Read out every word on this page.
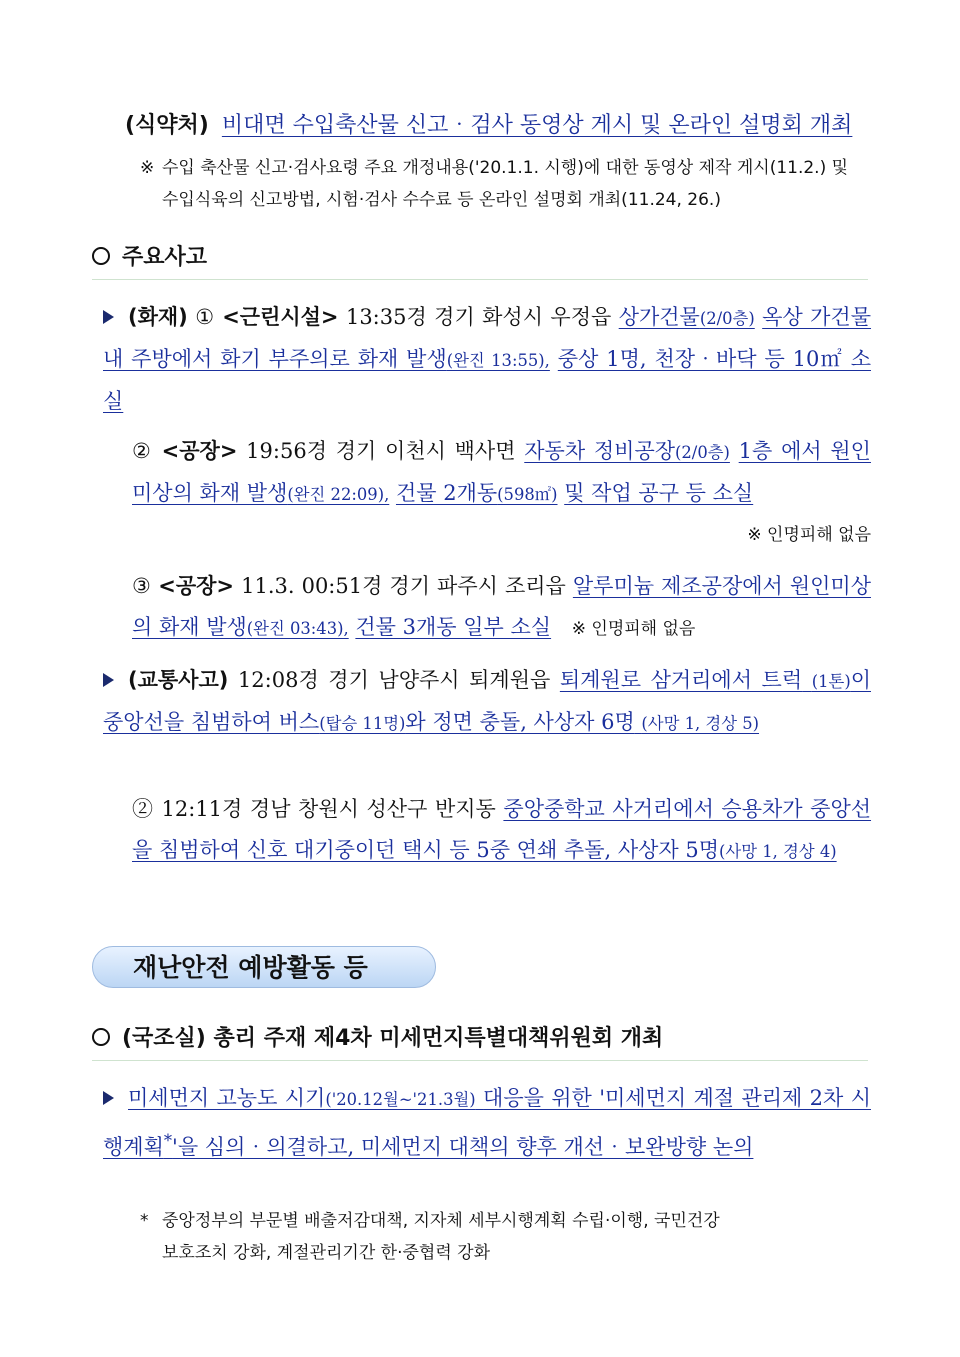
(식약처) 비대면 수입축산물 신고‧검사 동영상 게시 및 온라인 설명회 개최
※ 수입 축산물 신고·검사요령 주요 개정내용('20.1.1. 시행)에 대한 동영상 제작 게시(11.2.) 및
수입식육의 신고방법, 시험·검사 수수료 등 온라인 설명회 개최(11.24, 26.)
주요사고
(화재) ① <근린시설> 13:35경 경기 화성시 우정읍 상가건물(2/0층) 옥상 가건물 내 주방에서 화기 부주의로 화재 발생(완진 13:55), 중상 1명, 천장‧바닥 등 10㎡ 소실
② <공장> 19:56경 경기 이천시 백사면 자동차 정비공장(2/0층) 1층 에서 원인 미상의 화재 발생(완진 22:09), 건물 2개동(598㎡) 및 작업 공구 등 소실
※ 인명피해 없음
③ <공장> 11.3. 00:51경 경기 파주시 조리읍 알루미늄 제조공장에서 원인미상의 화재 발생(완진 03:43), 건물 3개동 일부 소실 ※ 인명피해 없음
(교통사고) 12:08경 경기 남양주시 퇴계원읍 퇴계원로 삼거리에서 트럭 (1톤)이 중앙선을 침범하여 버스(탑승 11명)와 정면 충돌, 사상자 6명 (사망 1, 경상 5)
② 12:11경 경남 창원시 성산구 반지동 중앙중학교 사거리에서 승용차가 중앙선을 침범하여 신호 대기중이던 택시 등 5중 연쇄 추돌, 사상자 5명(사망 1, 경상 4)
재난안전 예방활동 등
(국조실) 총리 주재 제4차 미세먼지특별대책위원회 개최
미세먼지 고농도 시기('20.12월~'21.3월) 대응을 위한 '미세먼지 계절 관리제 2차 시행계획*'을 심의‧의결하고, 미세먼지 대책의 향후 개선‧보완방향 논의
* 중앙정부의 부문별 배출저감대책, 지자체 세부시행계획 수립·이행, 국민건강
보호조치 강화, 계절관리기간 한·중협력 강화
